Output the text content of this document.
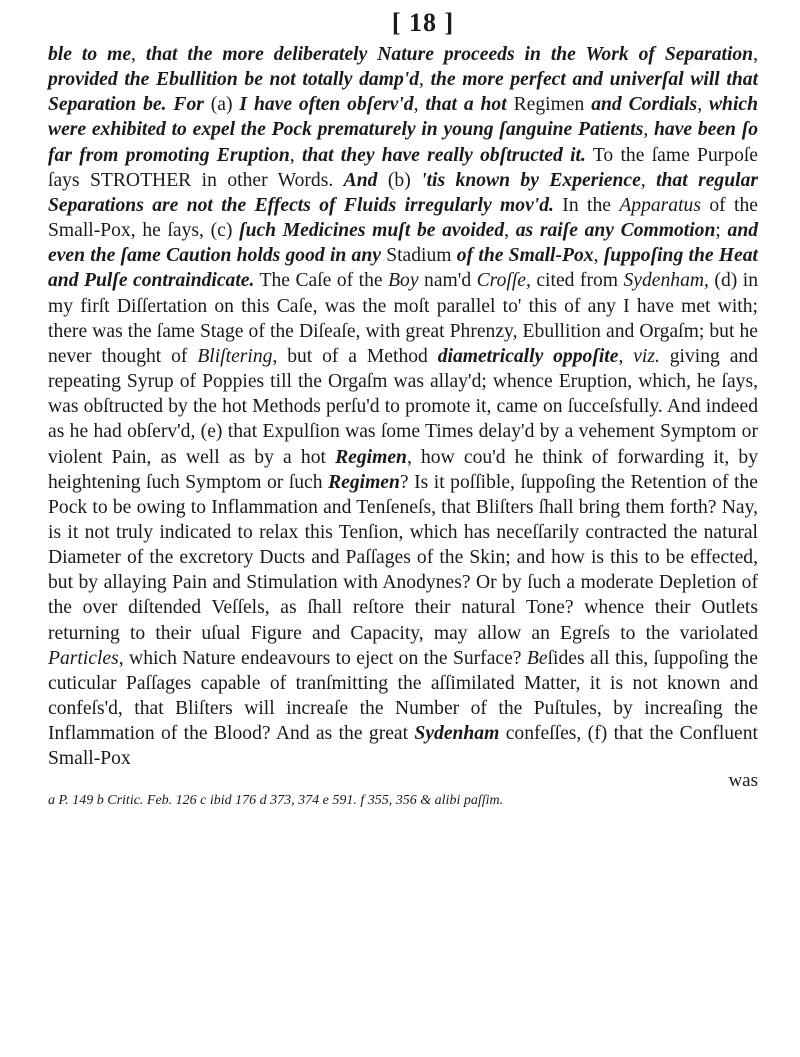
[ 18 ]

ble to me, that the more deliberately Nature proceeds in the Work of Separation, provided the Ebullition be not totally damp'd, the more perfect and univerſal will that Separation be. For (a) I have often obſerv'd, that a hot Regimen and Cordials, which were exhibited to expel the Pock prematurely in young ſanguine Patients, have been ſo far from promoting Eruption, that they have really obſtructed it. To the ſame Purpoſe ſays STROTHER in other Words. And (b) 'tis known by Experience, that regular Separations are not the Effects of Fluids irregularly mov'd. In the Apparatus of the Small-Pox, he ſays, (c) ſuch Medicines muſt be avoided, as raiſe any Commotion; and even the ſame Caution holds good in any Stadium of the Small-Pox, ſuppoſing the Heat and Pulſe contraindicate. The Caſe of the Boy nam'd Croſſe, cited from Sydenham, (d) in my firſt Diſſertation on this Caſe, was the moſt parallel to' this of any I have met with; there was the ſame Stage of the Diſeaſe, with great Phrenzy, Ebullition and Orgaſm; but he never thought of Bliſtering, but of a Method diametrically oppoſite, viz. giving and repeating Syrup of Poppies till the Orgaſm was allay'd; whence Eruption, which, he ſays, was obſtructed by the hot Methods perſu'd to promote it, came on ſucceſsfully. And indeed as he had obſerv'd, (e) that Expulſion was ſome Times delay'd by a vehement Symptom or violent Pain, as well as by a hot Regimen, how cou'd he think of forwarding it, by heightening ſuch Symptom or ſuch Regimen? Is it poſſible, ſuppoſing the Retention of the Pock to be owing to Inflammation and Tenſeneſs, that Bliſters ſhall bring them forth? Nay, is it not truly indicated to relax this Tenſion, which has neceſſarily contracted the natural Diameter of the excretory Ducts and Paſſages of the Skin; and how is this to be effected, but by allaying Pain and Stimulation with Anodynes? Or by ſuch a moderate Depletion of the over diſtended Veſſels, as ſhall reſtore their natural Tone? whence their Outlets returning to their uſual Figure and Capacity, may allow an Egreſs to the variolated Particles, which Nature endeavours to eject on the Surface? Beſides all this, ſuppoſing the cuticular Paſſages capable of tranſmitting the aſſimilated Matter, it is not known and confeſs'd, that Bliſters will increaſe the Number of the Puſtules, by increaſing the Inflammation of the Blood? And as the great Sydenham confeſſes, (f) that the Confluent Small-Pox

was
a P. 149 b Critic. Feb. 126 c ibid 176 d 373, 374 e 591. f 355, 356 & alibi paſſim.
